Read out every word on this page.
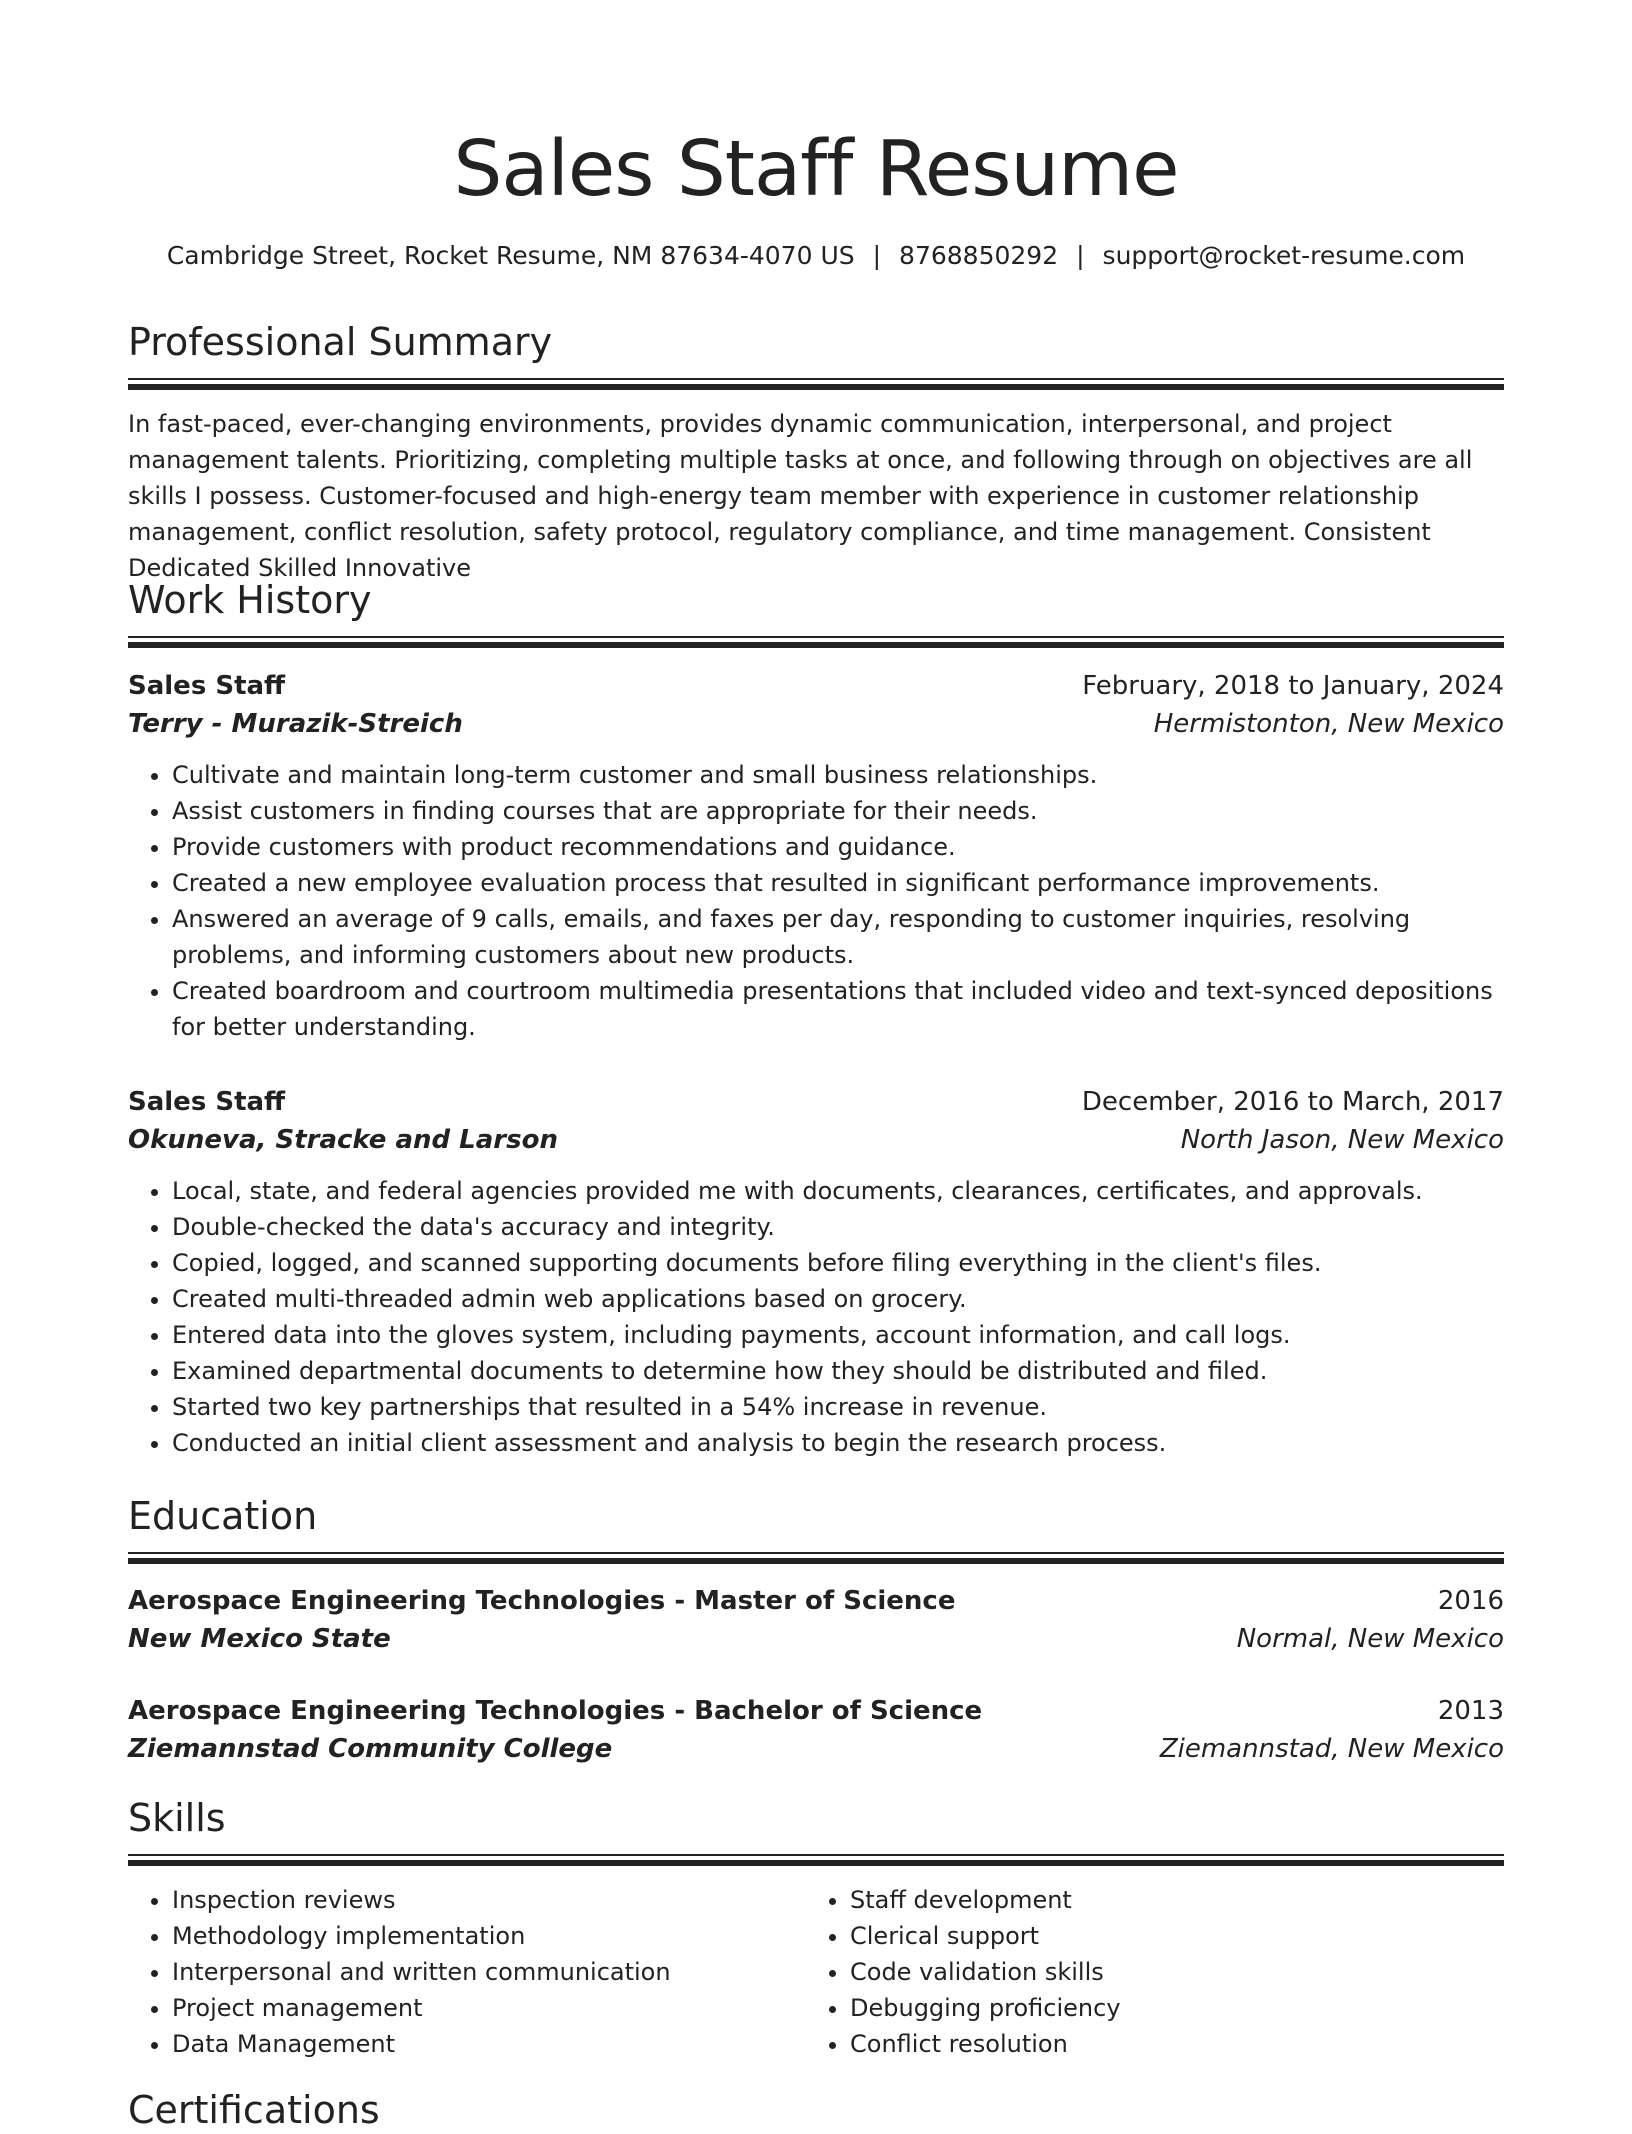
Sales Staff Resume
Cambridge Street, Rocket Resume, NM 87634-4070 US | 8768850292 | support@rocket-resume.com
Professional Summary

In fast-paced, ever-changing environments, provides dynamic communication, interpersonal, and project management talents. Prioritizing, completing multiple tasks at once, and following through on objectives are all skills I possess. Customer-focused and high-energy team member with experience in customer relationship management, conflict resolution, safety protocol, regulatory compliance, and time management. Consistent Dedicated Skilled Innovative

Work History
Sales Staff	February, 2018 to January, 2024
Terry - Murazik-Streich	Hermistonton, New Mexico
• Cultivate and maintain long-term customer and small business relationships.
• Assist customers in finding courses that are appropriate for their needs.
• Provide customers with product recommendations and guidance.
• Created a new employee evaluation process that resulted in significant performance improvements.
• Answered an average of 9 calls, emails, and faxes per day, responding to customer inquiries, resolving problems, and informing customers about new products.
• Created boardroom and courtroom multimedia presentations that included video and text-synced depositions for better understanding.
Sales Staff	December, 2016 to March, 2017
Okuneva, Stracke and Larson	North Jason, New Mexico
• Local, state, and federal agencies provided me with documents, clearances, certificates, and approvals.
• Double-checked the data's accuracy and integrity.
• Copied, logged, and scanned supporting documents before filing everything in the client's files.
• Created multi-threaded admin web applications based on grocery.
• Entered data into the gloves system, including payments, account information, and call logs.
• Examined departmental documents to determine how they should be distributed and filed.
• Started two key partnerships that resulted in a 54% increase in revenue.
• Conducted an initial client assessment and analysis to begin the research process.
Education
Aerospace Engineering Technologies - Master of Science	2016
New Mexico State	Normal, New Mexico
Aerospace Engineering Technologies - Bachelor of Science	2013
Ziemannstad Community College	Ziemannstad, New Mexico
Skills
• Inspection reviews
• Methodology implementation
• Interpersonal and written communication
• Project management
• Data Management
• Staff development
• Clerical support
• Code validation skills
• Debugging proficiency
• Conflict resolution
Certifications
